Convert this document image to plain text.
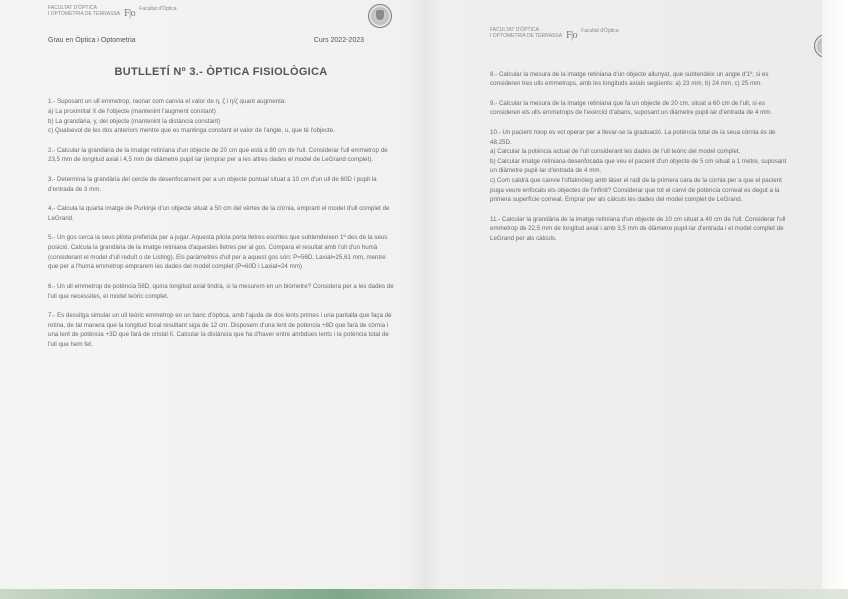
FACULTAT D'ÒPTICA
I OPTOMETRIA DE TERRASSA F|o Facultat d'Òptica
Grau en Òptica i Optometria	Curs 2022-2023
BUTLLETÍ Nº 3.- ÒPTICA FISIOLÒGICA

1.- Suposant un ull emmetrop, raonar com canvia el valor de η, ζ i η/ζ quant augmenta:

a) La proximitat X de l'objecte (mantenint l'augment constant)

b) La grandària, y, del objecte (mantenint la distància constant)

c) Qualsevol de les dos anteriors mentre que es mantinga constant el valor de l'angle, u, que té l'objecte.

2.- Calcular la grandària de la imatge retiniana d'un objecte de 20 cm que està a 80 cm de l'ull. Considerar l'ull emmetrop de 23,5 mm de longitud axial i 4,5 mm de diàmetre pupil·lar (emprar per a les altres dades el model de LeGrand complet).

3.- Determina la grandària del cercle de desenfocament per a un objecte puntual situat a 10 cm d'un ull de 60D i pupil·la d'entrada de 3 mm.

4.- Calcula la quarta imatge de Purkinje d'un objecte situat a 50 cm del vèrtex de la còrnia, emprant el model d'ull complet de LeGrand.

5.- Un gos cerca la seus pilota preferida per a jugar. Aquesta pilota porta lletres escrites que subtendeixen 1º des de la seus posició. Calcula la grandària de la imatge retiniana d'aquestes lletres per al gos. Compara el resultat amb l'ull d'un humà (considerant el model d'ull reduït o de Listing). Els paràmetres d'ull per a aquest gos són: P=56D, Laxial=25,61 mm, mentre que per a l'humà emmetrop emprarem les dades del model complet (P=60D i Laxial=24 mm)

6.- Un ull emmetrop de potència 58D, quina longitud axial tindrà, si la mesurem en un biòmetre? Considera per a les dades de l'ull que necessites, el model teòric complet.

7.- Es dessitga simular un ull teòric emmetrop en un banc d'òptica, amb l'ajuda de dos lents primes i una pantalla que faça de retina, de tal manera que la longitud focal resultant siga de 12 cm. Disposem d'una lent de potència +8D que farà de còrnia i una lent de potència +3D que farà de cristal·lí. Calcular la distància que ha d'haver entre ambdues lents i la potència total de l'ull que hem fet.

FACULTAT D'ÒPTICA
I OPTOMETRIA DE TERRASSA F|o Facultat d'Òptica

8.- Calcular la mesura de la imatge retiniana d'un objecte allunyat, que subtendeix un angle d'1º, si es consideren tres ulls emmetrops, amb les longituds axials següents: a) 23 mm, b) 24 mm, c) 25 mm.

9.- Calcular la mesura de la imatge retiniana que fa un objecte de 20 cm, situat a 60 cm de l'ull, si es consideren els ulls emmetrops de l'exercici d'abans, suposant un diàmetre pupil·lar d'entrada de 4 mm.

10.- Un pacient miop es vol operar per a llevar-se la graduació. La potència total de la seua còrnia és de 48,25D.

a) Calcular la potència actual de l'ull considerant les dades de l'ull teòric del model complet.

b) Calcular imatge retiniana desenfocada que veu el pacient d'un objecte de 5 cm situat a 1 metre, suposant un diàmetre pupil·lar d'entrada de 4 mm.

c) Com caldrà que canvie l'oftalmòleg amb làser el radi de la primera cara de la còrnia per a que el pacient puga veure enfocats els objectes de l'infinit? Considerar que tot el canvi de potència corneal es degut a la primera superfície corneal. Emprar per als càlculs les dades del model complet de LeGrand.

11.- Calcular la grandària de la imatge retiniana d'un objecte de 10 cm situat a 40 cm de l'ull. Considerar l'ull emmetrop de 22,5 mm de longitud axial i amb 3,5 mm de diàmetre pupil·lar d'entrada i el model complet de LeGrand per als càlculs.
